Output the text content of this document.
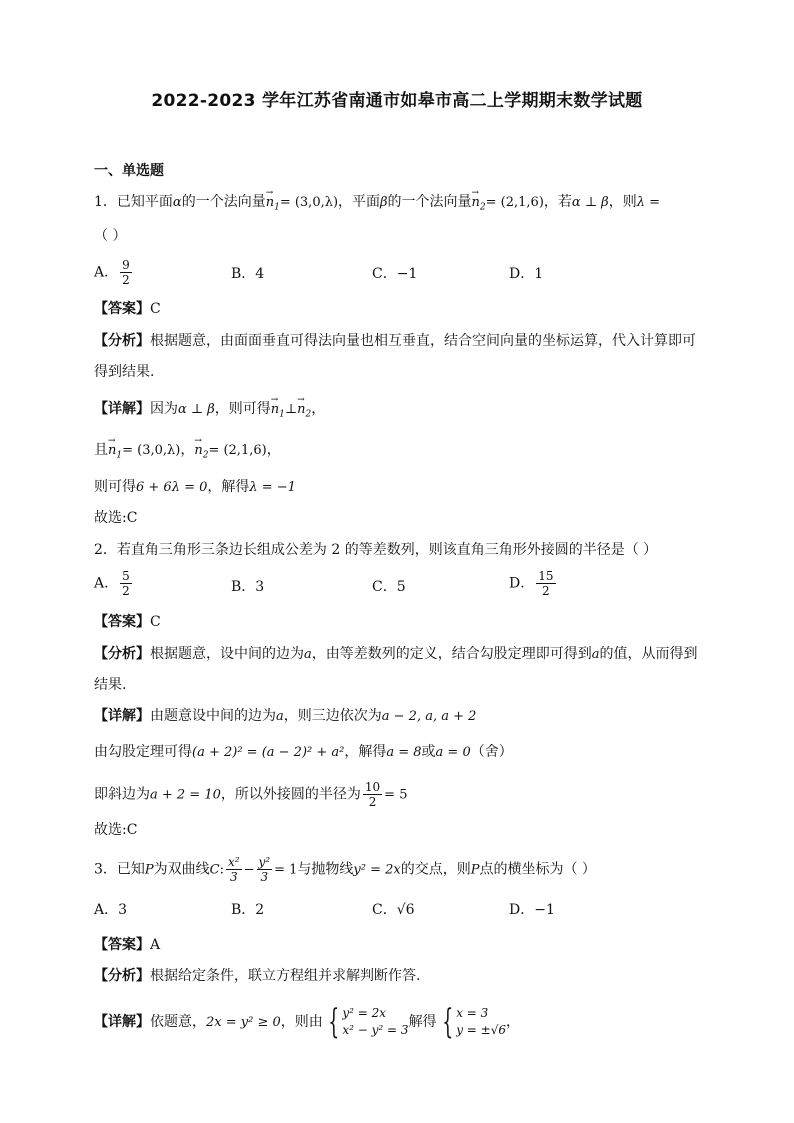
2022-2023 学年江苏省南通市如皋市高二上学期期末数学试题
一、单选题
1．已知平面α的一个法向量→ $n_1= (3,0,\lambda)$，平面β的一个法向量→ $n_2= (2,1,6)$，若α ⊥ β，则λ =
（ ）
A． $\frac{9}{2}$	B．4	C．−1	D．1
【答案】C
【分析】根据题意，由面面垂直可得法向量也相互垂直，结合空间向量的坐标运算，代入计算即可
得到结果.
【详解】因为α ⊥ β，则可得→ $n_1\perp\to n_2$，
且→ $n_1= (3,0,\lambda)$，→ $n_2= (2,1,6)$，
则可得6 + 6λ = 0，解得λ = −1
故选:C
2．若直角三角形三条边长组成公差为 2 的等差数列，则该直角三角形外接圆的半径是（ ）
A． $\frac{5}{2}$	B．3	C．5	D． $\frac{15}{2}$
【答案】C
【分析】根据题意，设中间的边为a，由等差数列的定义，结合勾股定理即可得到a的值，从而得到
结果.
【详解】由题意设中间的边为a，则三边依次为a − 2, a, a + 2
由勾股定理可得(a + 2)² = (a − 2)² + a²，解得a = 8或a = 0（舍）
即斜边为a + 2 = 10，所以外接圆的半径为 $\frac{10}{2} = 5$
故选:C
3．已知P为双曲线C: $\frac{\text{x²}}{3} - \frac{\text{y²}}{3} = 1$与抛物线y² = 2x的交点，则P点的横坐标为（ ）
A．3	B．2	C．√6	D．−1
【答案】A
【分析】根据给定条件，联立方程组并求解判断作答.
【详解】依题意，2x = y² ≥ 0，则由 { y² = 2x
x² − y² = 3 解得 { x = 3
y = ±√6 ，
